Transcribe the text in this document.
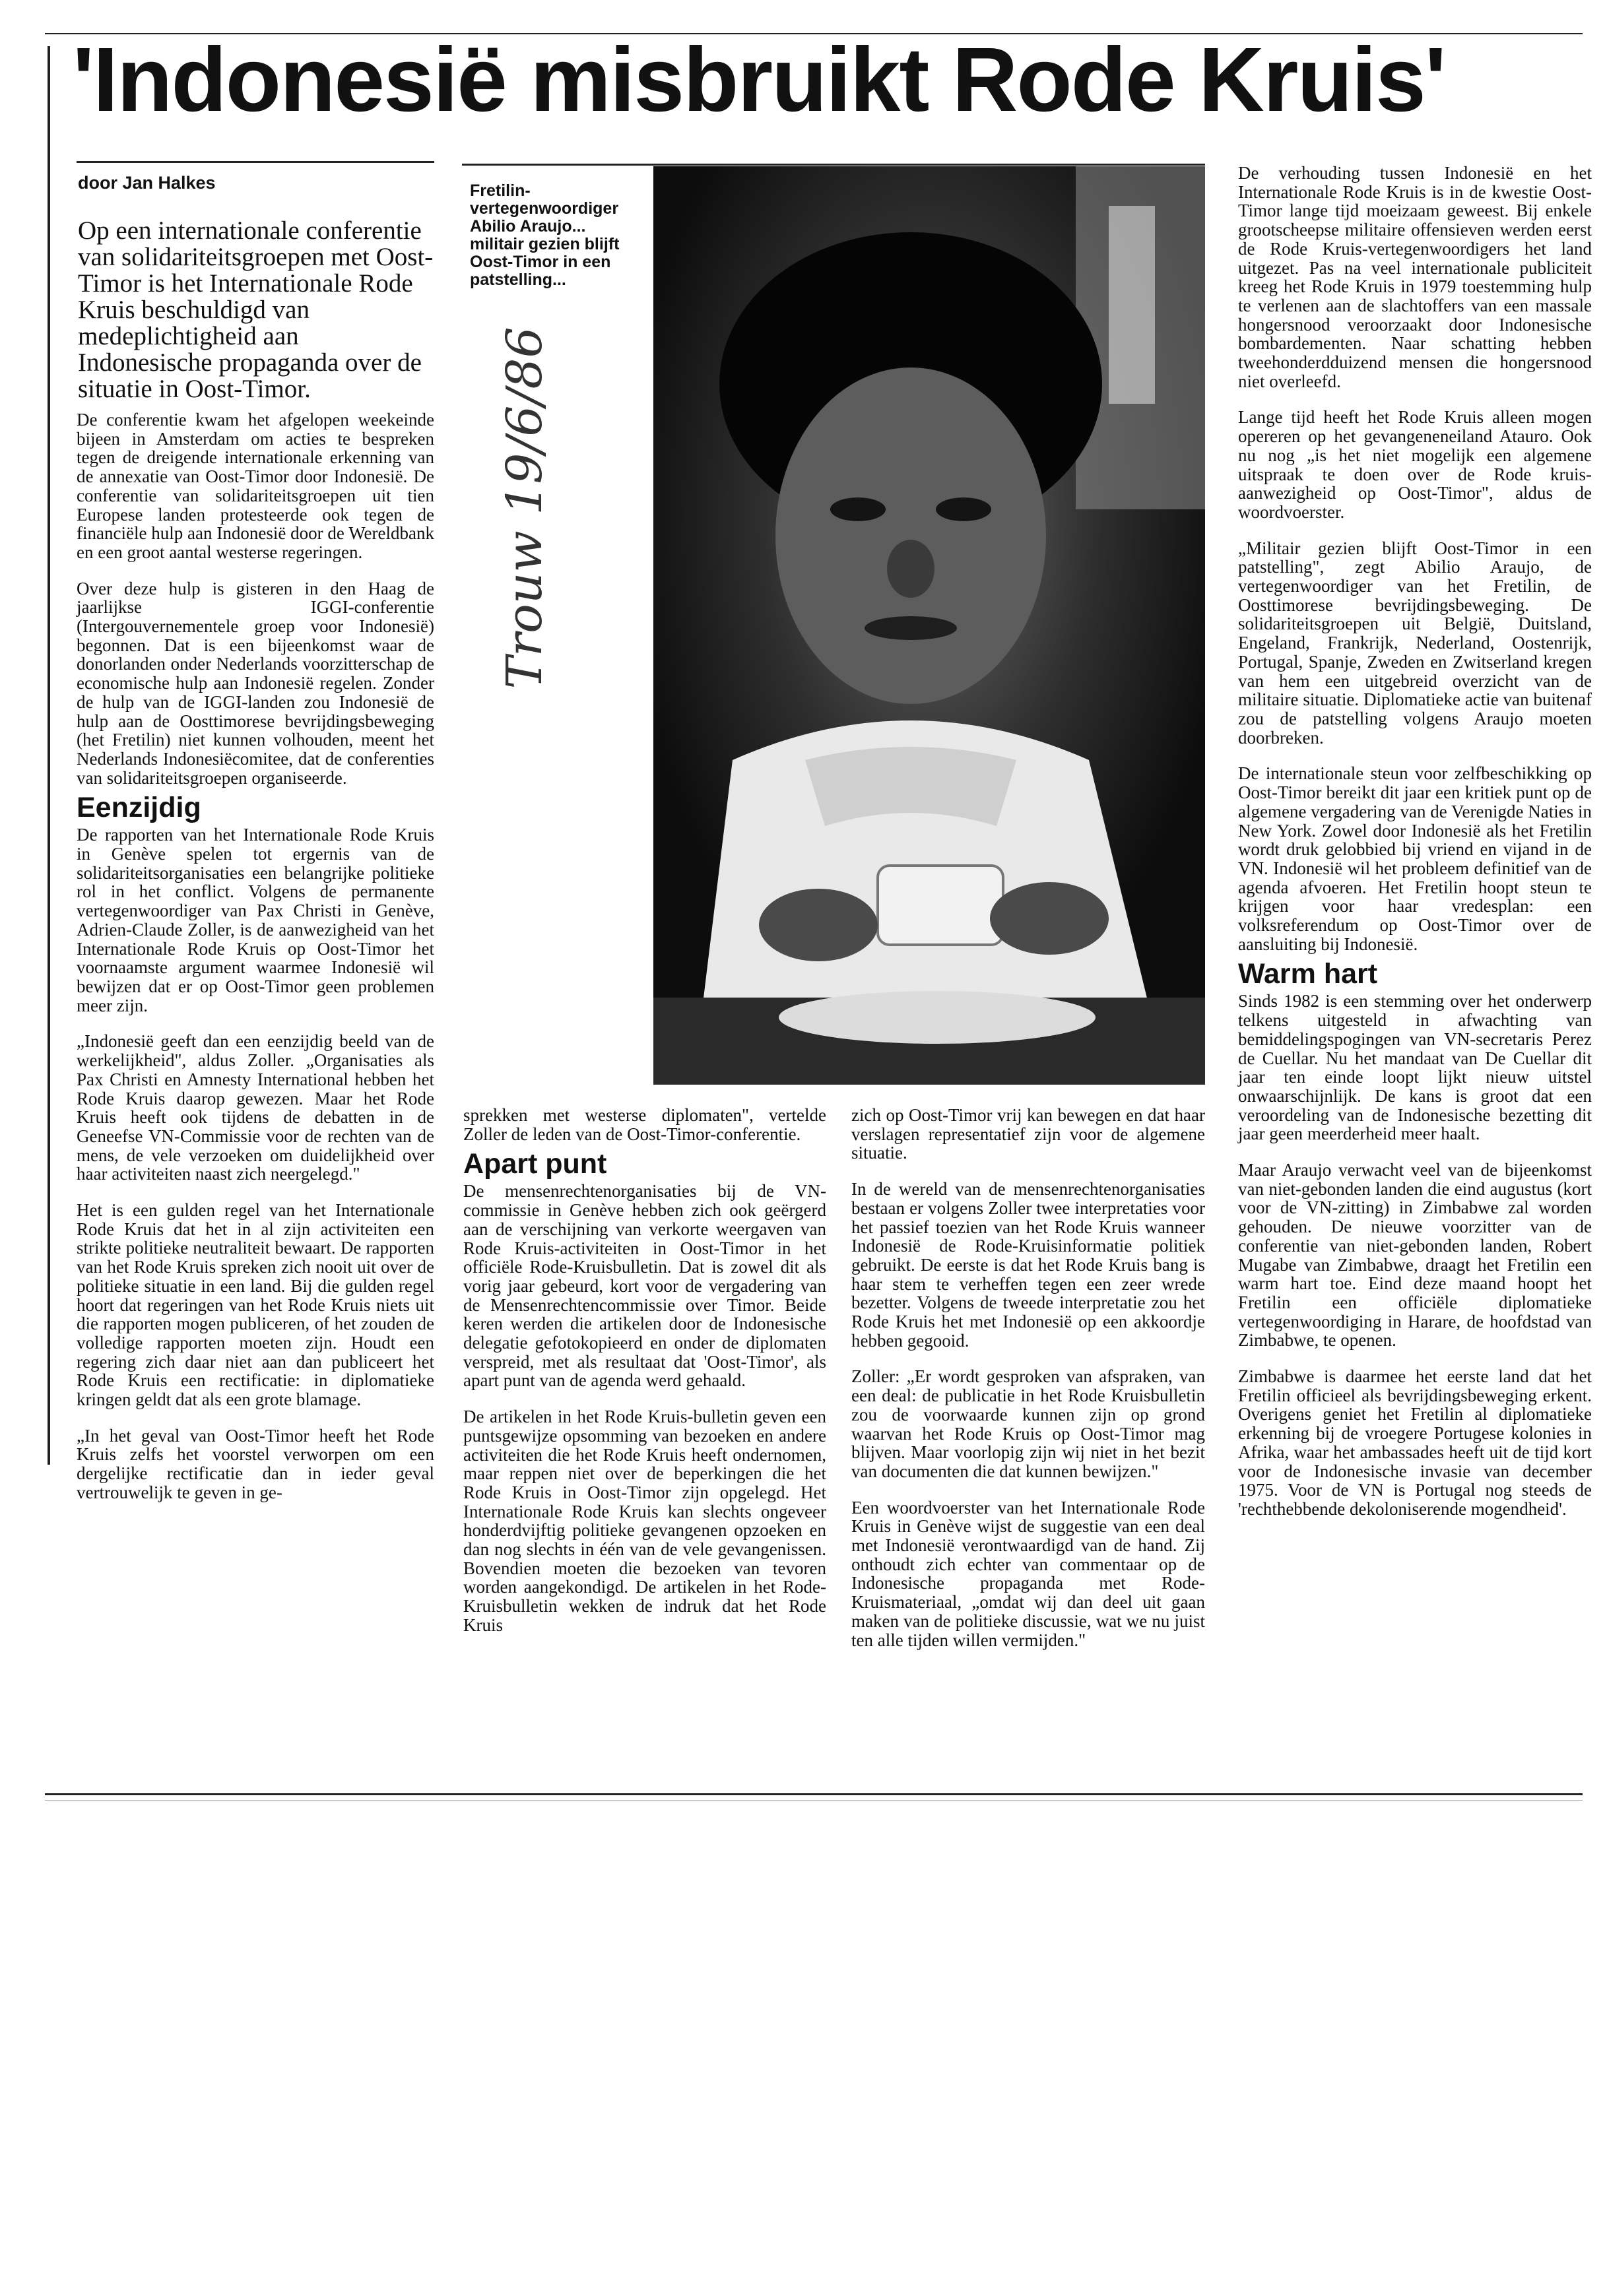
'Indonesië misbruikt Rode Kruis'
door Jan Halkes

Op een internationale conferentie van solidariteitsgroepen met Oost-Timor is het Internationale Rode Kruis beschuldigd van medeplichtigheid aan Indonesische propaganda over de situatie in Oost-Timor.

Fretilin-vertegenwoordiger Abilio Araujo... militair gezien blijft Oost-Timor in een patstelling...

Trouw 19/6/86

De conferentie kwam het afgelopen weekeinde bijeen in Amsterdam om acties te bespreken tegen de dreigende internationale erkenning van de annexatie van Oost-Timor door Indonesië. De conferentie van solidariteitsgroepen uit tien Europese landen protesteerde ook tegen de financiële hulp aan Indonesië door de Wereldbank en een groot aantal westerse regeringen.

Over deze hulp is gisteren in den Haag de jaarlijkse IGGI-conferentie (Intergouvernementele groep voor Indonesië) begonnen. Dat is een bijeenkomst waar de donorlanden onder Nederlands voorzitterschap de economische hulp aan Indonesië regelen. Zonder de hulp van de IGGI-landen zou Indonesië de hulp aan de Oosttimorese bevrijdingsbeweging (het Fretilin) niet kunnen volhouden, meent het Nederlands Indonesiëcomitee, dat de conferenties van solidariteitsgroepen organiseerde.

Eenzijdig

De rapporten van het Internationale Rode Kruis in Genève spelen tot ergernis van de solidariteitsorganisaties een belangrijke politieke rol in het conflict. Volgens de permanente vertegenwoordiger van Pax Christi in Genève, Adrien-Claude Zoller, is de aanwezigheid van het Internationale Rode Kruis op Oost-Timor het voornaamste argument waarmee Indonesië wil bewijzen dat er op Oost-Timor geen problemen meer zijn.

„Indonesië geeft dan een eenzijdig beeld van de werkelijkheid", aldus Zoller. „Organisaties als Pax Christi en Amnesty International hebben het Rode Kruis daarop gewezen. Maar het Rode Kruis heeft ook tijdens de debatten in de Geneefse VN-Commissie voor de rechten van de mens, de vele verzoeken om duidelijkheid over haar activiteiten naast zich neergelegd."

Het is een gulden regel van het Internationale Rode Kruis dat het in al zijn activiteiten een strikte politieke neutraliteit bewaart. De rapporten van het Rode Kruis spreken zich nooit uit over de politieke situatie in een land. Bij die gulden regel hoort dat regeringen van het Rode Kruis niets uit die rapporten mogen publiceren, of het zouden de volledige rapporten moeten zijn. Houdt een regering zich daar niet aan dan publiceert het Rode Kruis een rectificatie: in diplomatieke kringen geldt dat als een grote blamage.

„In het geval van Oost-Timor heeft het Rode Kruis zelfs het voorstel verworpen om een dergelijke rectificatie dan in ieder geval vertrouwelijk te geven in ge-

sprekken met westerse diplomaten", vertelde Zoller de leden van de Oost-Timor-conferentie.

Apart punt

De mensenrechtenorganisaties bij de VN-commissie in Genève hebben zich ook geërgerd aan de verschijning van verkorte weergaven van Rode Kruis-activiteiten in Oost-Timor in het officiële Rode-Kruisbulletin. Dat is zowel dit als vorig jaar gebeurd, kort voor de vergadering van de Mensenrechtencommissie over Timor. Beide keren werden die artikelen door de Indonesische delegatie gefotokopieerd en onder de diplomaten verspreid, met als resultaat dat 'Oost-Timor', als apart punt van de agenda werd gehaald.

De artikelen in het Rode Kruis-bulletin geven een puntsgewijze opsomming van bezoeken en andere activiteiten die het Rode Kruis heeft ondernomen, maar reppen niet over de beperkingen die het Rode Kruis in Oost-Timor zijn opgelegd. Het Internationale Rode Kruis kan slechts ongeveer honderdvijftig politieke gevangenen opzoeken en dan nog slechts in één van de vele gevangenissen. Bovendien moeten die bezoeken van tevoren worden aangekondigd. De artikelen in het Rode-Kruisbulletin wekken de indruk dat het Rode Kruis

zich op Oost-Timor vrij kan bewegen en dat haar verslagen representatief zijn voor de algemene situatie.

In de wereld van de mensenrechtenorganisaties bestaan er volgens Zoller twee interpretaties voor het passief toezien van het Rode Kruis wanneer Indonesië de Rode-Kruisinformatie politiek gebruikt. De eerste is dat het Rode Kruis bang is haar stem te verheffen tegen een zeer wrede bezetter. Volgens de tweede interpretatie zou het Rode Kruis het met Indonesië op een akkoordje hebben gegooid.

Zoller: „Er wordt gesproken van afspraken, van een deal: de publicatie in het Rode Kruisbulletin zou de voorwaarde kunnen zijn op grond waarvan het Rode Kruis op Oost-Timor mag blijven. Maar voorlopig zijn wij niet in het bezit van documenten die dat kunnen bewijzen."

Een woordvoerster van het Internationale Rode Kruis in Genève wijst de suggestie van een deal met Indonesië verontwaardigd van de hand. Zij onthoudt zich echter van commentaar op de Indonesische propaganda met Rode-Kruismateriaal, „omdat wij dan deel uit gaan maken van de politieke discussie, wat we nu juist ten alle tijden willen vermijden."

De verhouding tussen Indonesië en het Internationale Rode Kruis is in de kwestie Oost-Timor lange tijd moeizaam geweest. Bij enkele grootscheepse militaire offensieven werden eerst de Rode Kruis-vertegenwoordigers het land uitgezet. Pas na veel internationale publiciteit kreeg het Rode Kruis in 1979 toestemming hulp te verlenen aan de slachtoffers van een massale hongersnood veroorzaakt door Indonesische bombardementen. Naar schatting hebben tweehonderdduizend mensen die hongersnood niet overleefd.

Lange tijd heeft het Rode Kruis alleen mogen opereren op het gevangeneneiland Atauro. Ook nu nog „is het niet mogelijk een algemene uitspraak te doen over de Rode kruis-aanwezigheid op Oost-Timor", aldus de woordvoerster.

„Militair gezien blijft Oost-Timor in een patstelling", zegt Abilio Araujo, de vertegenwoordiger van het Fretilin, de Oosttimorese bevrijdingsbeweging. De solidariteitsgroepen uit België, Duitsland, Engeland, Frankrijk, Nederland, Oostenrijk, Portugal, Spanje, Zweden en Zwitserland kregen van hem een uitgebreid overzicht van de militaire situatie. Diplomatieke actie van buitenaf zou de patstelling volgens Araujo moeten doorbreken.

De internationale steun voor zelfbeschikking op Oost-Timor bereikt dit jaar een kritiek punt op de algemene vergadering van de Verenigde Naties in New York. Zowel door Indonesië als het Fretilin wordt druk gelobbied bij vriend en vijand in de VN. Indonesië wil het probleem definitief van de agenda afvoeren. Het Fretilin hoopt steun te krijgen voor haar vredesplan: een volksreferendum op Oost-Timor over de aansluiting bij Indonesië.

Warm hart

Sinds 1982 is een stemming over het onderwerp telkens uitgesteld in afwachting van bemiddelingspogingen van VN-secretaris Perez de Cuellar. Nu het mandaat van De Cuellar dit jaar ten einde loopt lijkt nieuw uitstel onwaarschijnlijk. De kans is groot dat een veroordeling van de Indonesische bezetting dit jaar geen meerderheid meer haalt.

Maar Araujo verwacht veel van de bijeenkomst van niet-gebonden landen die eind augustus (kort voor de VN-zitting) in Zimbabwe zal worden gehouden. De nieuwe voorzitter van de conferentie van niet-gebonden landen, Robert Mugabe van Zimbabwe, draagt het Fretilin een warm hart toe. Eind deze maand hoopt het Fretilin een officiële diplomatieke vertegenwoordiging in Harare, de hoofdstad van Zimbabwe, te openen.

Zimbabwe is daarmee het eerste land dat het Fretilin officieel als bevrijdingsbeweging erkent. Overigens geniet het Fretilin al diplomatieke erkenning bij de vroegere Portugese kolonies in Afrika, waar het ambassades heeft uit de tijd kort voor de Indonesische invasie van december 1975. Voor de VN is Portugal nog steeds de 'rechthebbende dekoloniserende mogendheid'.
